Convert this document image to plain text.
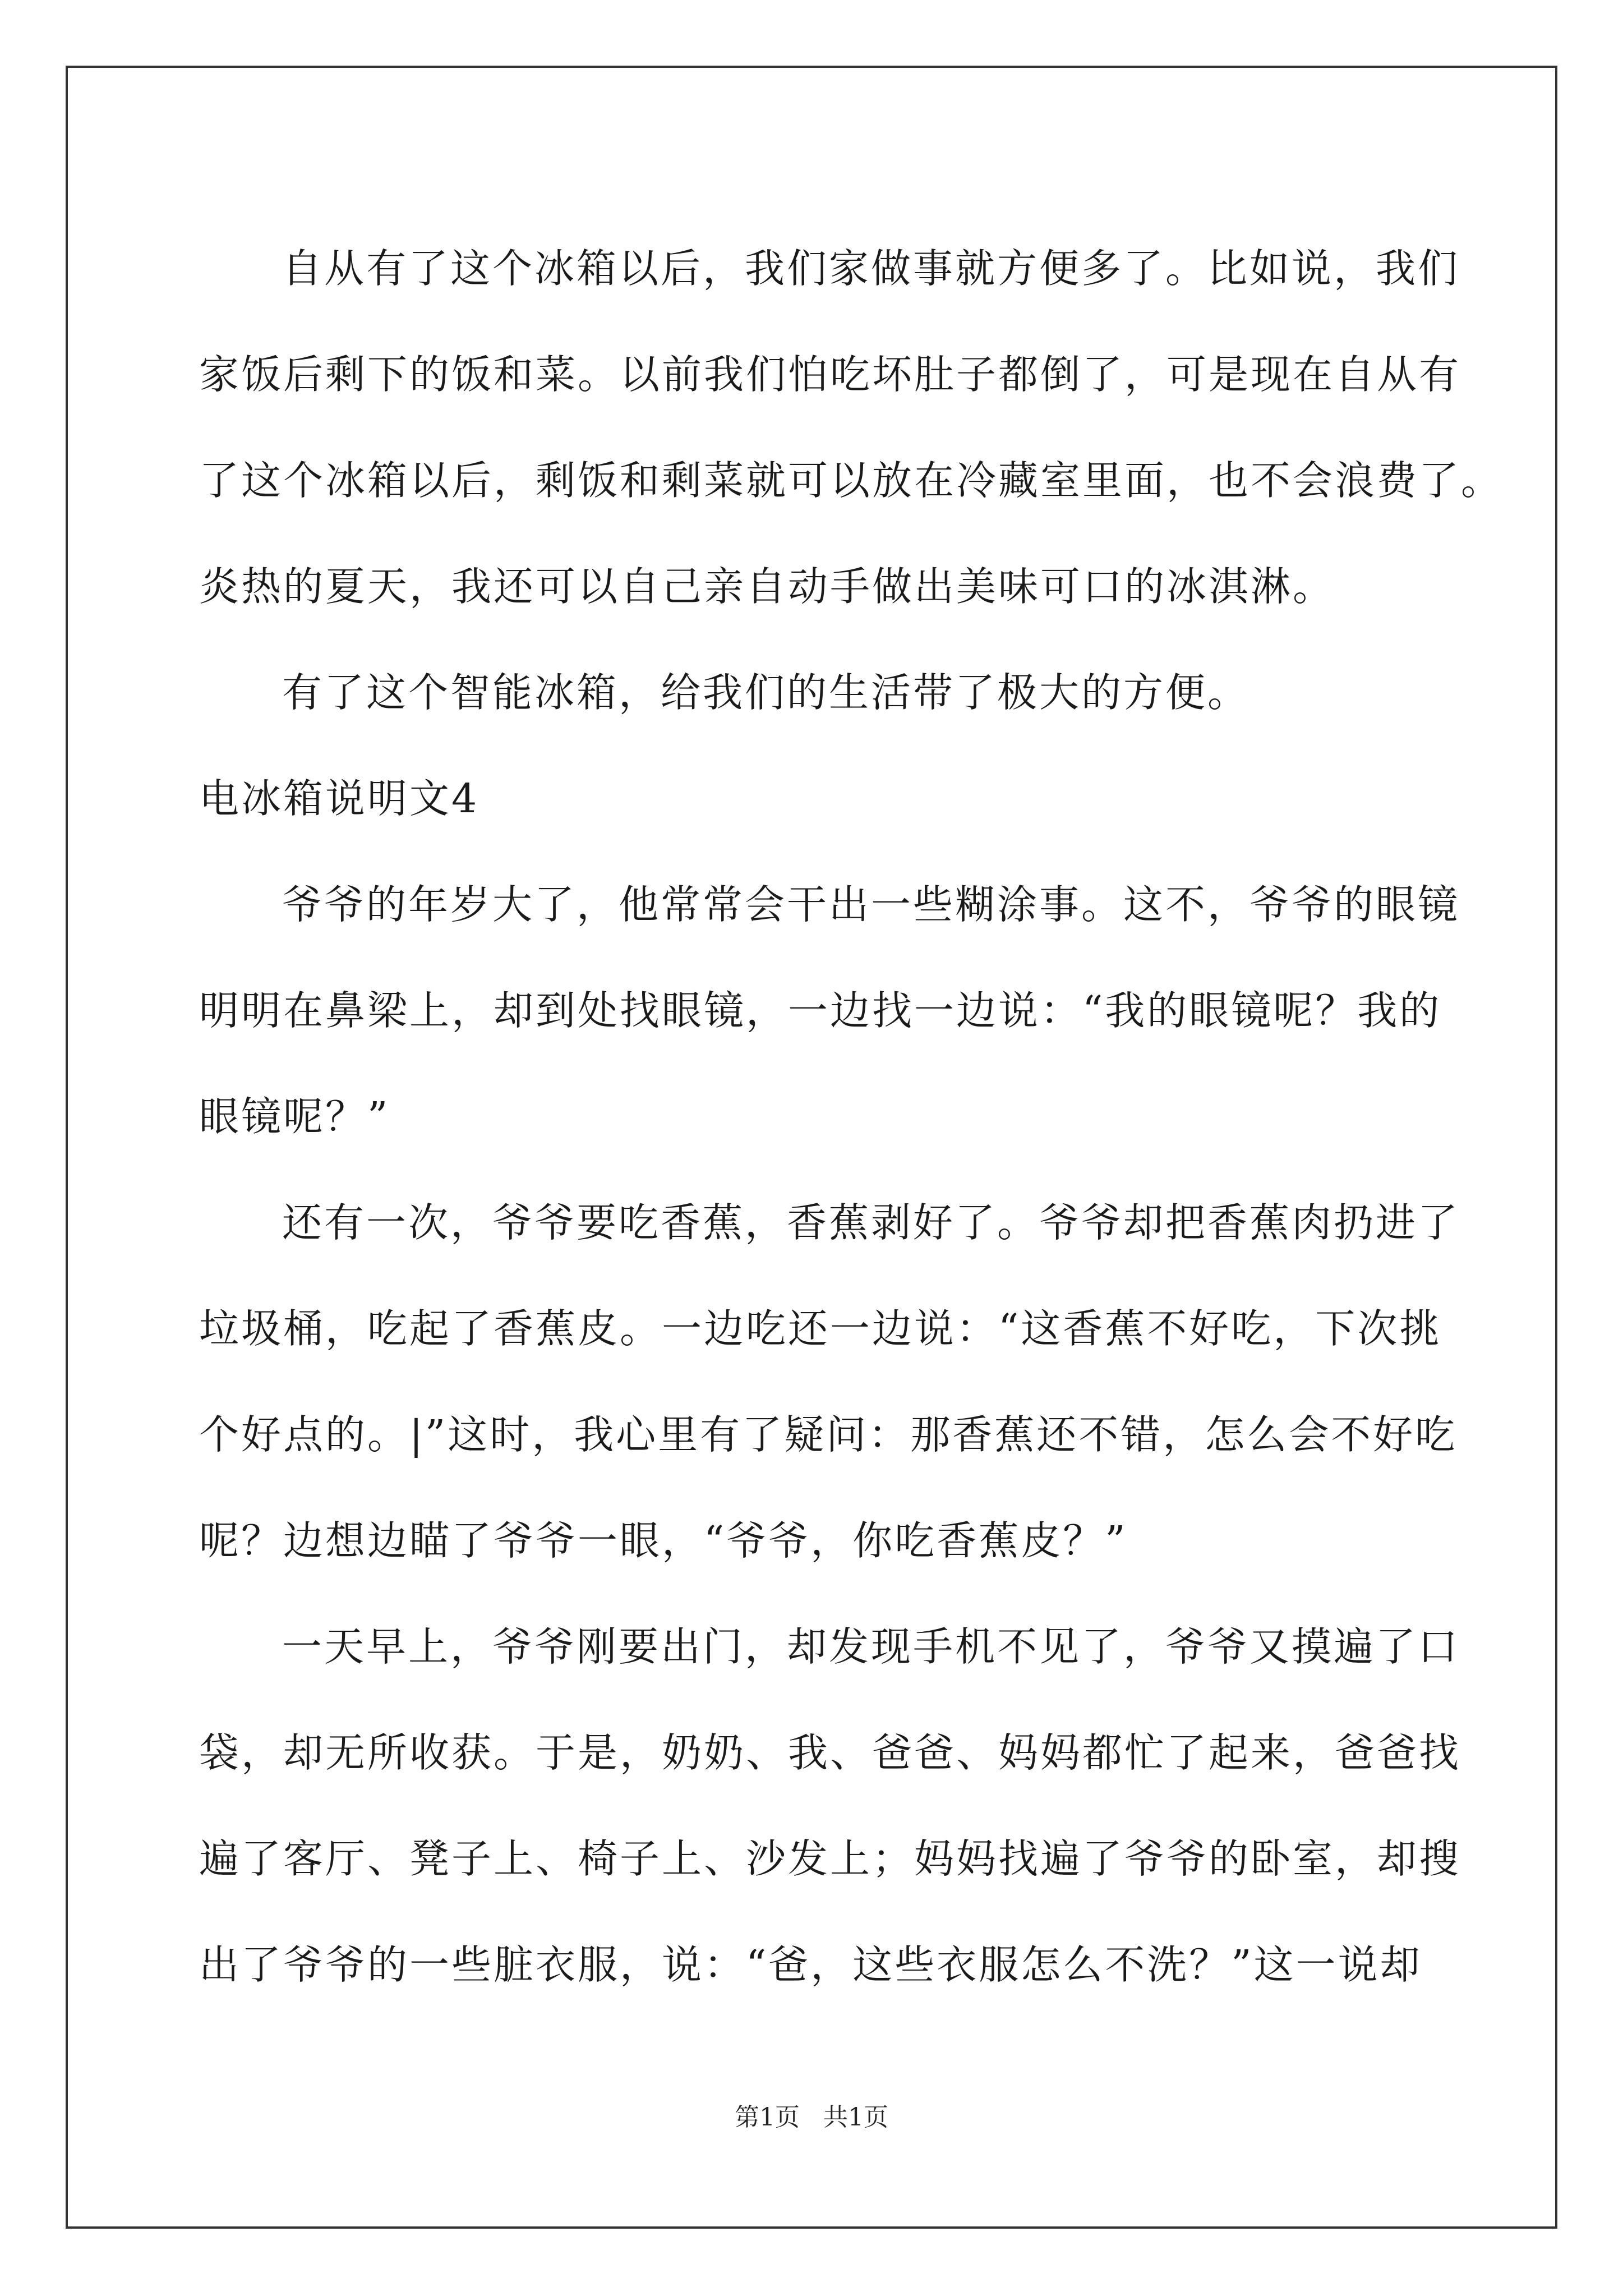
自从有了这个冰箱以后，我们家做事就方便多了。比如说，我们
家饭后剩下的饭和菜。以前我们怕吃坏肚子都倒了，可是现在自从有
了这个冰箱以后，剩饭和剩菜就可以放在冷藏室里面，也不会浪费了。
炎热的夏天，我还可以自己亲自动手做出美味可口的冰淇淋。
有了这个智能冰箱，给我们的生活带了极大的方便。
电冰箱说明文4
爷爷的年岁大了，他常常会干出一些糊涂事。这不，爷爷的眼镜
明明在鼻梁上，却到处找眼镜，一边找一边说：“我的眼镜呢？我的
眼镜呢？”
还有一次，爷爷要吃香蕉，香蕉剥好了。爷爷却把香蕉肉扔进了
垃圾桶，吃起了香蕉皮。一边吃还一边说：“这香蕉不好吃，下次挑
个好点的。|”这时，我心里有了疑问：那香蕉还不错，怎么会不好吃
呢？边想边瞄了爷爷一眼，“爷爷，你吃香蕉皮？”
一天早上，爷爷刚要出门，却发现手机不见了，爷爷又摸遍了口
袋，却无所收获。于是，奶奶、我、爸爸、妈妈都忙了起来，爸爸找
遍了客厅、凳子上、椅子上、沙发上；妈妈找遍了爷爷的卧室，却搜
出了爷爷的一些脏衣服，说：“爸，这些衣服怎么不洗？”这一说却
第1页 共1页
